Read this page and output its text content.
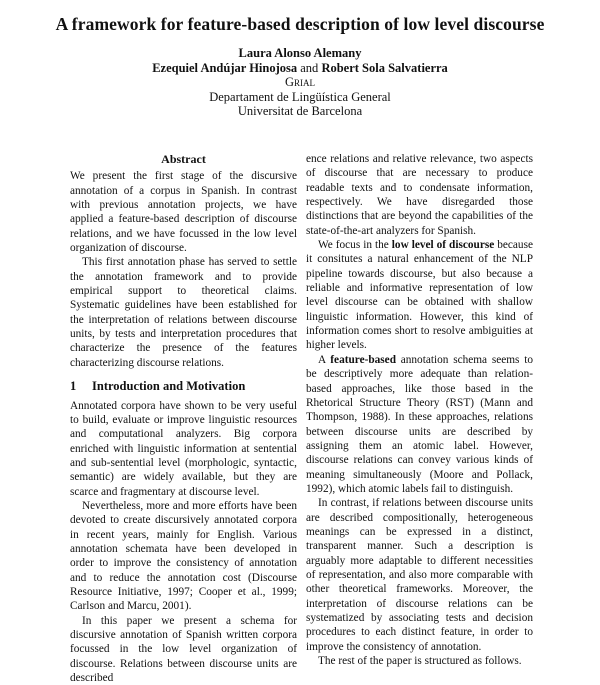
A framework for feature-based description of low level discourse
Laura Alonso Alemany
Ezequiel Andújar Hinojosa and Robert Sola Salvatierra
Grial
Departament de Lingüística General
Universitat de Barcelona
Abstract

We present the first stage of the discursive annotation of a corpus in Spanish. In contrast with previous annotation projects, we have applied a feature-based description of discourse relations, and we have focussed in the low level organization of discourse.

This first annotation phase has served to settle the annotation framework and to provide empirical support to theoretical claims. Systematic guidelines have been established for the interpretation of relations between discourse units, by tests and interpretation procedures that characterize the presence of the features characterizing discourse relations.

1 Introduction and Motivation

Annotated corpora have shown to be very useful to build, evaluate or improve linguistic resources and computational analyzers. Big corpora enriched with linguistic information at sentential and sub-sentential level (morphologic, syntactic, semantic) are widely available, but they are scarce and fragmentary at discourse level.

Nevertheless, more and more efforts have been devoted to create discursively annotated corpora in recent years, mainly for English. Various annotation schemata have been developed in order to improve the consistency of annotation and to reduce the annotation cost (Discourse Resource Initiative, 1997; Cooper et al., 1999; Carlson and Marcu, 2001).

In this paper we present a schema for discursive annotation of Spanish written corpora focussed in the low level organization of discourse. Relations between discourse units are described

ence relations and relative relevance, two aspects of discourse that are necessary to produce readable texts and to condensate information, respectively. We have disregarded those distinctions that are beyond the capabilities of the state-of-the-art analyzers for Spanish.

We focus in the low level of discourse because it consitutes a natural enhancement of the NLP pipeline towards discourse, but also because a reliable and informative representation of low level discourse can be obtained with shallow linguistic information. However, this kind of information comes short to resolve ambiguities at higher levels.

A feature-based annotation schema seems to be descriptively more adequate than relation-based approaches, like those based in the Rhetorical Structure Theory (RST) (Mann and Thompson, 1988). In these approaches, relations between discourse units are described by assigning them an atomic label. However, discourse relations can convey various kinds of meaning simultaneously (Moore and Pollack, 1992), which atomic labels fail to distinguish.

In contrast, if relations between discourse units are described compositionally, heterogeneous meanings can be expressed in a distinct, transparent manner. Such a description is arguably more adaptable to different necessities of representation, and also more comparable with other theoretical frameworks. Moreover, the interpretation of discourse relations can be systematized by associating tests and decision procedures to each distinct feature, in order to improve the consistency of annotation.

The rest of the paper is structured as follows.
